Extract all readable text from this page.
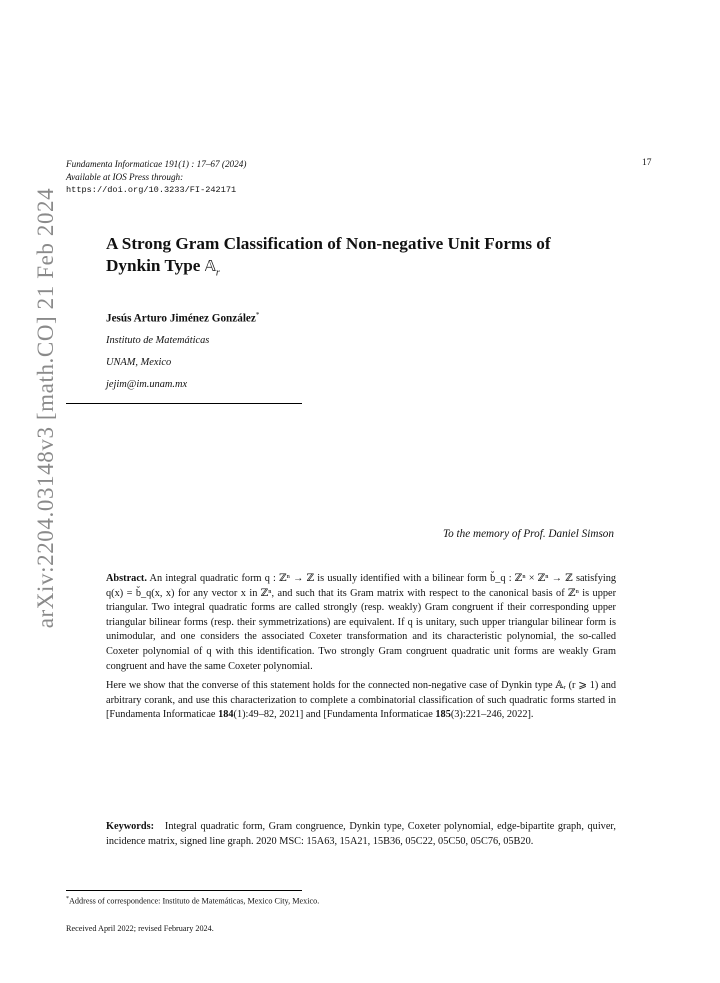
arXiv:2204.03148v3 [math.CO] 21 Feb 2024
Fundamenta Informaticae 191(1) : 17–67 (2024)
Available at IOS Press through:
https://doi.org/10.3233/FI-242171
17
A Strong Gram Classification of Non-negative Unit Forms of
Dynkin Type 𝔸$_r$
Jesús Arturo Jiménez González*
Instituto de Matemáticas
UNAM, Mexico
jejim@im.unam.mx
To the memory of Prof. Daniel Simson

Abstract. An integral quadratic form q : ℤⁿ → ℤ is usually identified with a bilinear form b̆_q : ℤⁿ × ℤⁿ → ℤ satisfying q(x) = b̆_q(x, x) for any vector x in ℤⁿ, and such that its Gram matrix with respect to the canonical basis of ℤⁿ is upper triangular. Two integral quadratic forms are called strongly (resp. weakly) Gram congruent if their corresponding upper triangular bilinear forms (resp. their symmetrizations) are equivalent. If q is unitary, such upper triangular bilinear form is unimodular, and one considers the associated Coxeter transformation and its characteristic polynomial, the so-called Coxeter polynomial of q with this identification. Two strongly Gram congruent quadratic unit forms are weakly Gram congruent and have the same Coxeter polynomial.

Here we show that the converse of this statement holds for the connected non-negative case of Dynkin type 𝔸ᵣ (r ⩾ 1) and arbitrary corank, and use this characterization to complete a combinatorial classification of such quadratic forms started in [Fundamenta Informaticae 184(1):49–82, 2021] and [Fundamenta Informaticae 185(3):221–246, 2022].

Keywords: Integral quadratic form, Gram congruence, Dynkin type, Coxeter polynomial, edge-bipartite graph, quiver, incidence matrix, signed line graph. 2020 MSC: 15A63, 15A21, 15B36, 05C22, 05C50, 05C76, 05B20.
*Address of correspondence: Instituto de Matemáticas, Mexico City, Mexico.
Received April 2022; revised February 2024.
